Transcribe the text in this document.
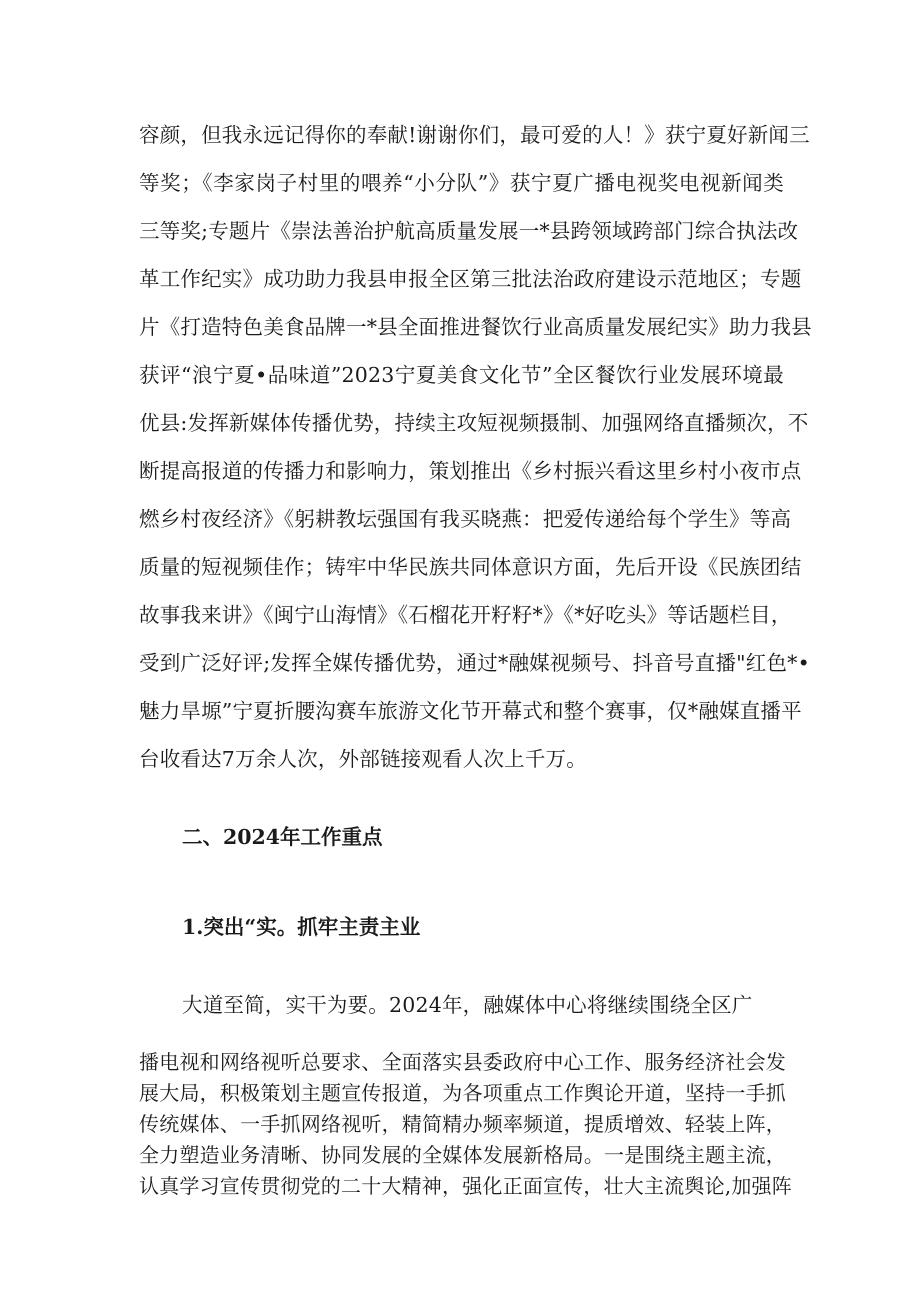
容颜，但我永远记得你的奉献!谢谢你们，最可爱的人！》获宁夏好新闻三
等奖；《李家岗子村里的喂养“小分队”》获宁夏广播电视奖电视新闻类
三等奖;专题片《崇法善治护航高质量发展一*县跨领域跨部门综合执法改
革工作纪实》成功助力我县申报全区第三批法治政府建设示范地区；专题
片《打造特色美食品牌一*县全面推进餐饮行业高质量发展纪实》助力我县
获评“浪宁夏•品味道”2023宁夏美食文化节”全区餐饮行业发展环境最
优县:发挥新媒体传播优势，持续主攻短视频摄制、加强网络直播频次，不
断提高报道的传播力和影响力，策划推出《乡村振兴看这里乡村小夜市点
燃乡村夜经济》《躬耕教坛强国有我买晓燕：把爱传递给每个学生》等高
质量的短视频佳作；铸牢中华民族共同体意识方面，先后开设《民族团结
故事我来讲》《闽宁山海情》《石榴花开籽籽*》《*好吃头》等话题栏目，
受到广泛好评;发挥全媒传播优势，通过*融媒视频号、抖音号直播"红色*•
魅力旱塬”宁夏折腰沟赛车旅游文化节开幕式和整个赛事，仅*融媒直播平
台收看达7万余人次，外部链接观看人次上千万。
二、2024年工作重点
1.突出“实。抓牢主责主业
大道至简，实干为要。2024年，融媒体中心将继续围绕全区广
播电视和网络视听总要求、全面落实县委政府中心工作、服务经济社会发
展大局，积极策划主题宣传报道，为各项重点工作舆论开道，坚持一手抓
传统媒体、一手抓网络视听，精简精办频率频道，提质增效、轻装上阵，
全力塑造业务清晰、协同发展的全媒体发展新格局。一是围绕主题主流，
认真学习宣传贯彻党的二十大精神，强化正面宣传，壮大主流舆论,加强阵
